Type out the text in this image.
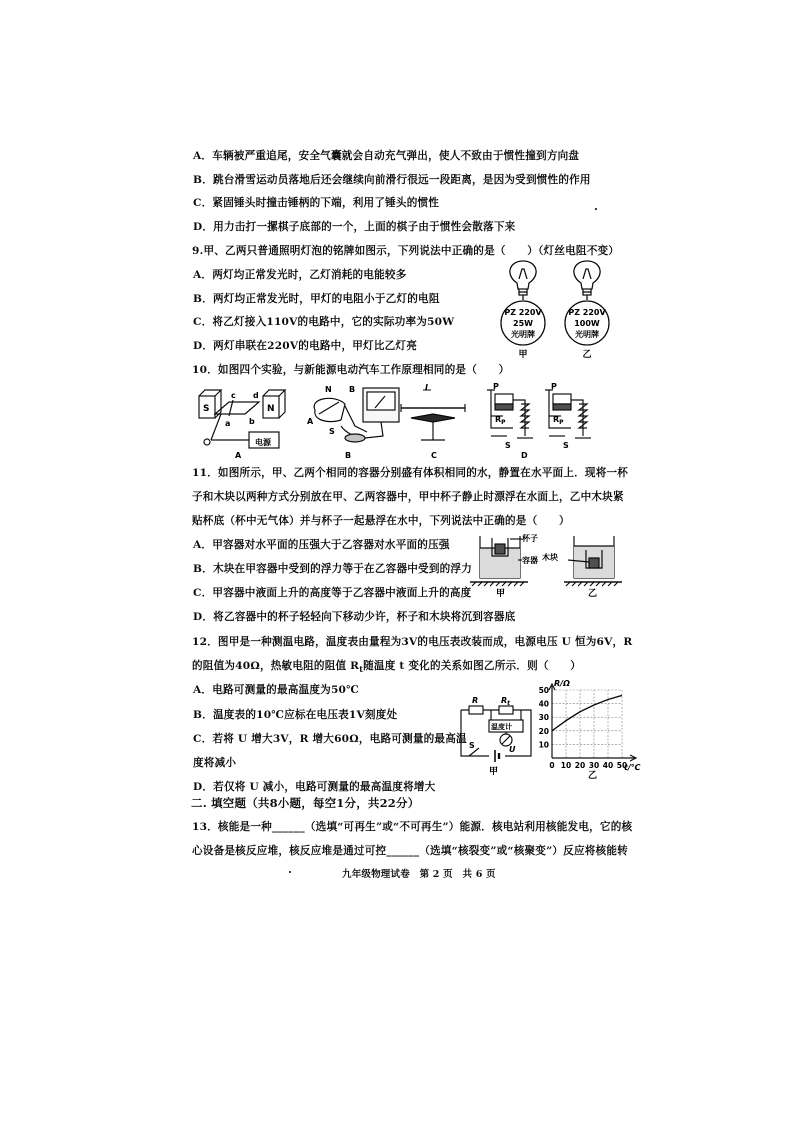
A．车辆被严重追尾，安全气囊就会自动充气弹出，使人不致由于惯性撞到方向盘
B．跳台滑雪运动员落地后还会继续向前滑行很远一段距离，是因为受到惯性的作用
C．紧固锤头时撞击锤柄的下端，利用了锤头的惯性
D．用力击打一摞棋子底部的一个，上面的棋子由于惯性会散落下来
·
9.甲、乙两只普通照明灯泡的铭牌如图示，下列说法中正确的是（　　）（灯丝电阻不变）
A．两灯均正常发光时，乙灯消耗的电能较多
B．两灯均正常发光时，甲灯的电阻小于乙灯的电阻
C．将乙灯接入110V的电路中，它的实际功率为50W
D．两灯串联在220V的电路中，甲灯比乙灯亮
PZ 220V
25W
光明牌
甲
PZ 220V
100W
光明牌
乙
10．如图四个实验，与新能源电动汽车工作原理相同的是（　　）
S	N
c d
a b
电源
N B
A
S
I	P
$R_P$
S
P
$R_P$
S
A	B	C	D
11．如图所示，甲、乙两个相同的容器分别盛有体积相同的水，静置在水平面上．现将一杯
子和木块以两种方式分别放在甲、乙两容器中，甲中杯子静止时漂浮在水面上，乙中木块紧
贴杯底（杯中无气体）并与杯子一起悬浮在水中，下列说法中正确的是（　　）
A．甲容器对水平面的压强大于乙容器对水平面的压强
B．木块在甲容器中受到的浮力等于在乙容器中受到的浮力
C．甲容器中液面上升的高度等于乙容器中液面上升的高度
D．将乙容器中的杯子轻轻向下移动少许，杯子和木块将沉到容器底
杯子
容器 木块
甲	乙
12．图甲是一种测温电路，温度表由量程为3V的电压表改装而成，电源电压 U 恒为6V，R
的阻值为40Ω，热敏电阻的阻值 $R_t$随温度 t 变化的关系如图乙所示．则（　　）
A．电路可测量的最高温度为50℃
B．温度表的10℃应标在电压表1V刻度处
C．若将 U 增大3V，R 增大60Ω，电路可测量的最高温
度将减小
D．若仅将 U 减小，电路可测量的最高温度将增大
R	$R_t$
温度计
S	U
甲
0 10 20 30 40 50
10
20
30
40
50
R/Ω
t/℃
乙
二. 填空题（共8小题，每空1分，共22分）
13．核能是一种______（选填“可再生”或“不可再生”）能源．核电站利用核能发电，它的核
心设备是核反应堆，核反应堆是通过可控______（选填“核裂变”或“核聚变”）反应将核能转
·	九年级物理试卷　第 2 页　共 6 页
